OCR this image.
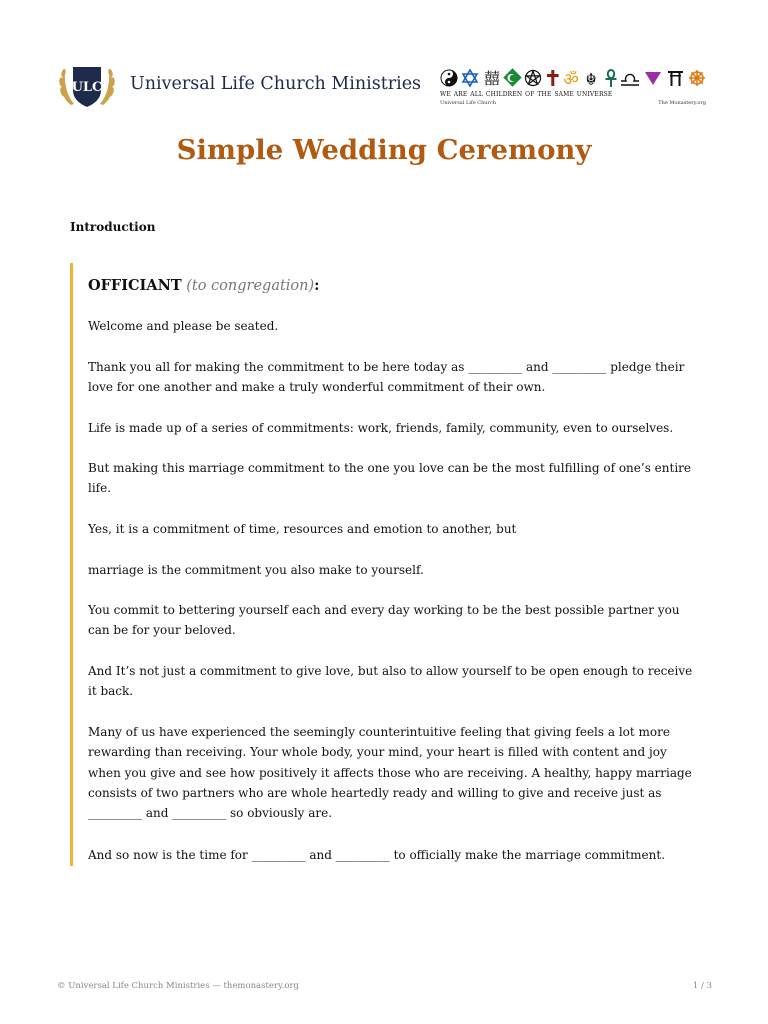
ULC Universal Life Church Ministries	囍	ॐ ☬
we are all children of the same universe
Universal Life Church	The Monastery.org
Simple Wedding Ceremony
Introduction
OFFICIANT (to congregation):

Welcome and please be seated.

Thank you all for making the commitment to be here today as _________ and _________ pledge their love for one another and make a truly wonderful commitment of their own.

Life is made up of a series of commitments: work, friends, family, community, even to ourselves.

But making this marriage commitment to the one you love can be the most fulfilling of one’s entire life.

Yes, it is a commitment of time, resources and emotion to another, but

marriage is the commitment you also make to yourself.

You commit to bettering yourself each and every day working to be the best possible partner you can be for your beloved.

And It’s not just a commitment to give love, but also to allow yourself to be open enough to receive it back.

Many of us have experienced the seemingly counterintuitive feeling that giving feels a lot more rewarding than receiving. Your whole body, your mind, your heart is filled with content and joy when you give and see how positively it affects those who are receiving. A healthy, happy marriage consists of two partners who are whole heartedly ready and willing to give and receive just as _________ and _________ so obviously are.

And so now is the time for _________ and _________ to officially make the marriage commitment.

© Universal Life Church Ministries — themonastery.org	1 / 3
